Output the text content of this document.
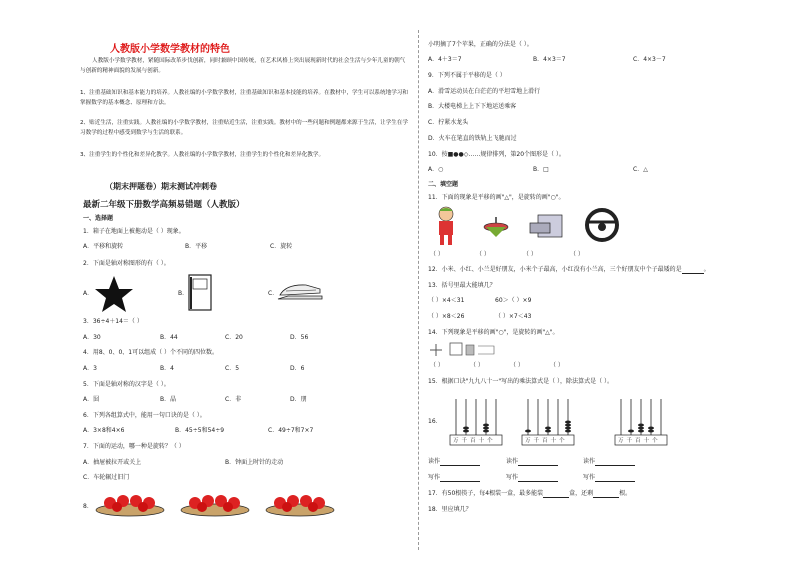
人教版小学数学教材的特色
人教版小学数学教材，紧随国际改革步伐创新，同时兼顾中国传统，在艺术风格上突出展现新时代的社会生活与少年儿童的朝气与创新的精神面貌的发展与创新。
1、注重基础知识和基本能力的培养。人教社编的小学数学教材，注重基础知识和基本技能的培养。在教材中，学生可以系统地学习和掌握数学的基本概念、原理和方法。
2、贴近生活，注重实践。人教社编的小学数学教材，注重贴近生活，注重实践。教材中的一些问题和例题都来源于生活，让学生在学习数学的过程中感受到数学与生活的联系。
3、注重学生的个性化和差异化教学。人教社编的小学数学教材，注重学生的个性化和差异化教学。
（期末押题卷）期末测试冲刺卷
最新二年级下册数学高频易错题（人教版）
一、选择题
1．箱子在地面上被拖动是（ ）现象。
A．平移和旋转	B．平移	C．旋转
2．下面是轴对称图形的有（ ）。
A．	B．	C．
3．36÷4＋14＝（ ）
A．30	B．44	C．20	D．56
4．用8、0、0、1可以组成（ ）个不同的四位数。
A．3	B．4	C．5	D．6
5．下面是轴对称的汉字是（ ）。
A．囧	B．晶	C．非	D．朋
6．下列各组算式中，能用一句口诀的是（ ）。
A．3×8和4×6	B．45÷5和54÷9	C．49÷7和7×7
7．下面的运动，哪一种是旋转？（ ）
A．抽屉被拉开或关上	B．钟面上时针的走动
C．车轮辗过旧门
8．
小明摘了7个苹果，正确的分法是（ ）。
A．4＋3＝7	B．4×3＝7	C．4×3－7
9．下列不属于平移的是（ ）
A．滑雪运动员在白茫茫的平坦雪地上滑行
B．大楼电梯上上下下地运送乘客
C．拧紧水龙头
D．火车在笔直的铁轨上飞驰而过
10．按■●●◇……规律排列，第20个图形是（ ）。
A．○	B．□	C．△
二、填空题
11．下面的现象是平移的画"△"，是旋转的画"○"。
（ ）	（ ）	（ ）	（ ）
12．小米、小红、小兰是好朋友，小米个子最高，小红没有小兰高，三个好朋友中个子最矮的是	。
13．括号里最大能填几？
（ ）×4＜31	60＞（ ）×9
（ ）×8＜26	（ ）×7＜43
14．下列现象是平移的画"○"，是旋转的画"△"。
（ ）	（ ）	（ ）	（ ）
15．根据口诀"九九八十一"写出的乘法算式是（ ），除法算式是（ ）。
16．
万千百十个	万千百十个	万千百十个
读作	读作	读作
写作	写作	写作
17．有50根筷子，每4根装一盒，最多能装	盒，还剩	根。
18．里应填几？
